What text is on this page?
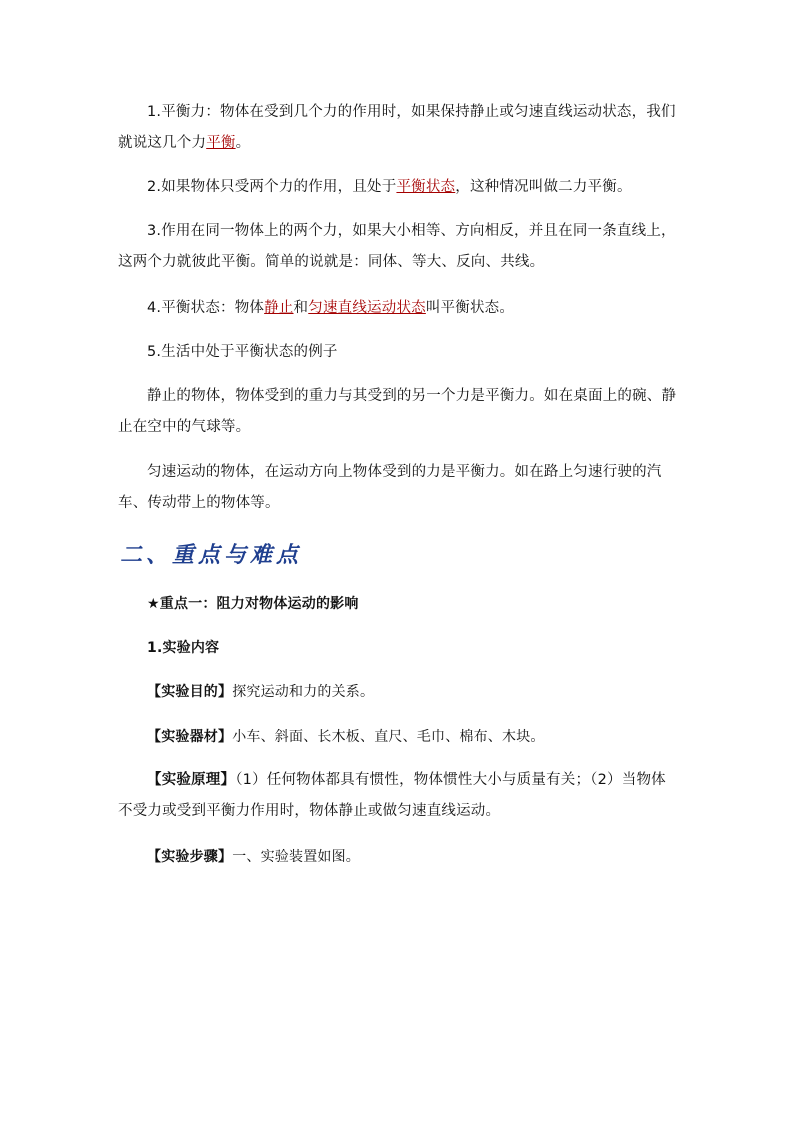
1.平衡力：物体在受到几个力的作用时，如果保持静止或匀速直线运动状态，我们就说这几个力平衡。

2.如果物体只受两个力的作用，且处于平衡状态，这种情况叫做二力平衡。

3.作用在同一物体上的两个力，如果大小相等、方向相反，并且在同一条直线上，这两个力就彼此平衡。简单的说就是：同体、等大、反向、共线。

4.平衡状态：物体静止和匀速直线运动状态叫平衡状态。

5.生活中处于平衡状态的例子

静止的物体，物体受到的重力与其受到的另一个力是平衡力。如在桌面上的碗、静止在空中的气球等。

匀速运动的物体，在运动方向上物体受到的力是平衡力。如在路上匀速行驶的汽车、传动带上的物体等。

二、重点与难点
★重点一：阻力对物体运动的影响
1.实验内容
【实验目的】探究运动和力的关系。
【实验器材】小车、斜面、长木板、直尺、毛巾、棉布、木块。

【实验原理】（1）任何物体都具有惯性，物体惯性大小与质量有关；（2）当物体不受力或受到平衡力作用时，物体静止或做匀速直线运动。

【实验步骤】一、实验装置如图。
